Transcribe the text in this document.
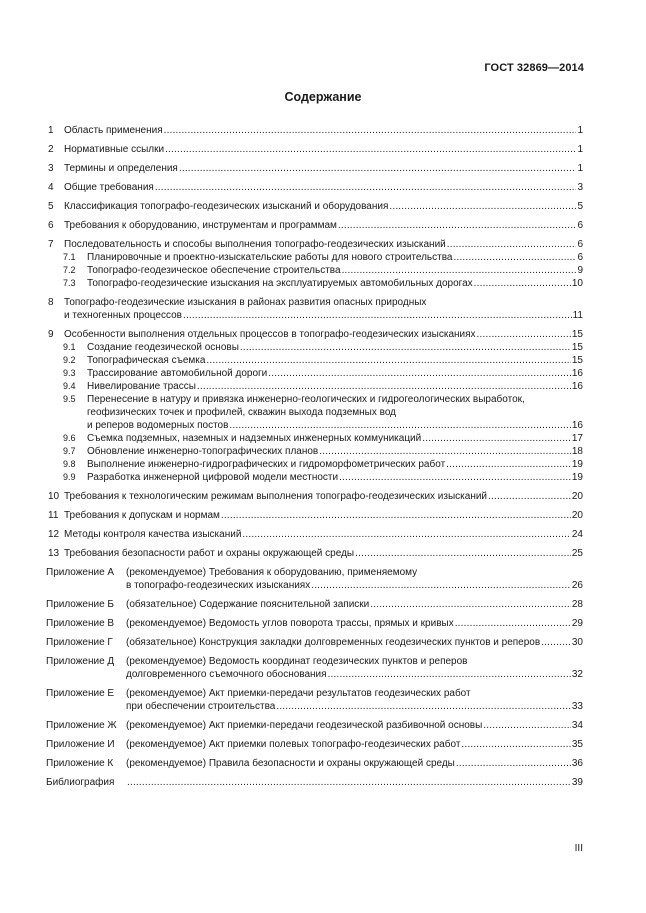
ГОСТ 32869—2014
Содержание
1 Область применения .....	1
2 Нормативные ссылки .....	1
3 Термины и определения .....	1
4 Общие требования .....	3
5 Классификация топографо-геодезических изысканий и оборудования .....	5
6 Требования к оборудованию, инструментам и программам .....	6
7 Последовательность и способы выполнения топографо-геодезических изысканий .....	6
7.1 Планировочные и проектно-изыскательские работы для нового строительства .....	6
7.2 Топографо-геодезическое обеспечение строительства .....	9
7.3 Топографо-геодезические изыскания на эксплуатируемых автомобильных дорогах .....	10
8 Топографо-геодезические изыскания в районах развития опасных природных
и техногенных процессов .....	11
9 Особенности выполнения отдельных процессов в топографо-геодезических изысканиях .....	15
9.1 Создание геодезической основы .....	15
9.2 Топографическая съемка .....	15
9.3 Трассирование автомобильной дороги .....	16
9.4 Нивелирование трассы .....	16
9.5 Перенесение в натуру и привязка инженерно-геологических и гидрогеологических выработок,
геофизических точек и профилей, скважин выхода подземных вод
и реперов водомерных постов .....	16
9.6 Съемка подземных, наземных и надземных инженерных коммуникаций .....	17
9.7 Обновление инженерно-топографических планов .....	18
9.8 Выполнение инженерно-гидрографических и гидроморфометрических работ .....	19
9.9 Разработка инженерной цифровой модели местности .....	19
10 Требования к технологическим режимам выполнения топографо-геодезических изысканий .....	20
11 Требования к допускам и нормам .....	20
12 Методы контроля качества изысканий .....	24
13 Требования безопасности работ и охраны окружающей среды .....	25
Приложение А (рекомендуемое) Требования к оборудованию, применяемому
в топографо-геодезических изысканиях .....	26
Приложение Б (обязательное) Содержание пояснительной записки .....	28
Приложение В (рекомендуемое) Ведомость углов поворота трассы, прямых и кривых .....	29
Приложение Г (обязательное) Конструкция закладки долговременных геодезических пунктов и реперов .....	30
Приложение Д (рекомендуемое) Ведомость координат геодезических пунктов и реперов
долговременного съемочного обоснования .....	32
Приложение Е (рекомендуемое) Акт приемки-передачи результатов геодезических работ
при обеспечении строительства .....	33
Приложение Ж (рекомендуемое) Акт приемки-передачи геодезической разбивочной основы .....	34
Приложение И (рекомендуемое) Акт приемки полевых топографо-геодезических работ .....	35
Приложение К (рекомендуемое) Правила безопасности и охраны окружающей среды .....	36
Библиография .....	39
III
